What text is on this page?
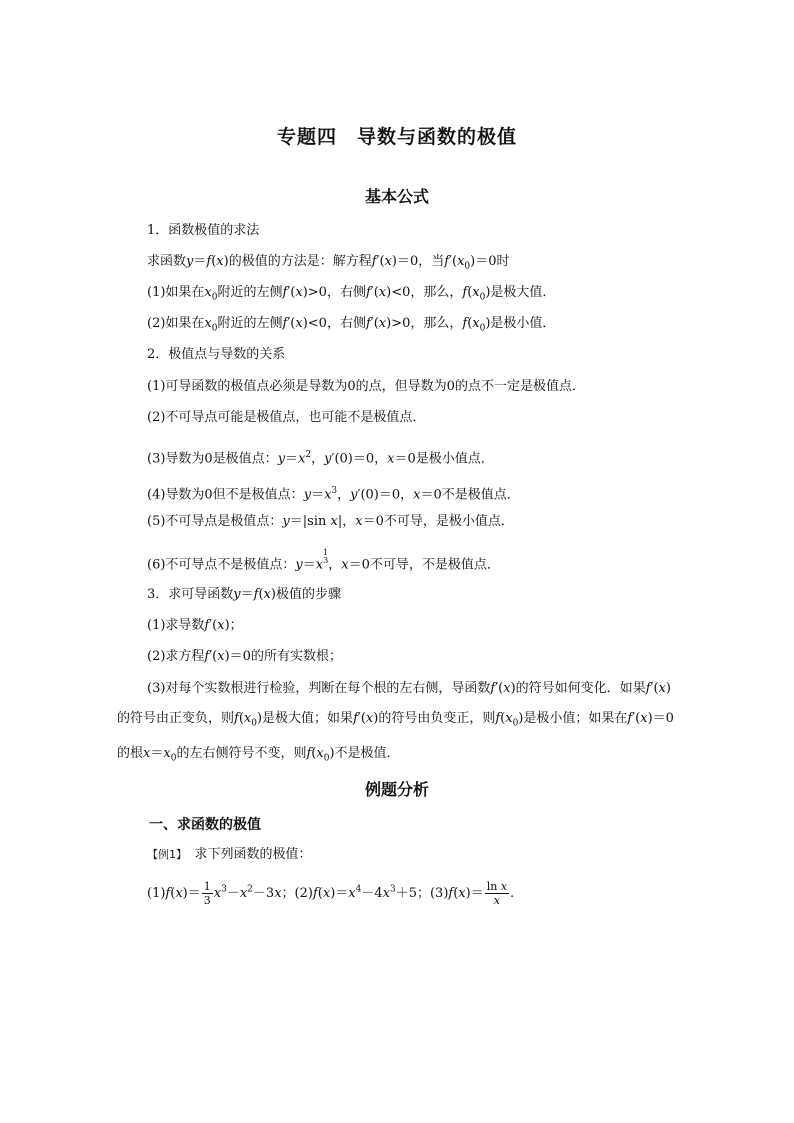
专题四　导数与函数的极值
基本公式
1．函数极值的求法
求函数y＝f(x)的极值的方法是：解方程f′(x)＝0，当$f'(x_0)=0$时
(1)如果在$x_0$附近的左侧f′(x)>0，右侧f′(x)<0，那么，$f(x_0)$是极大值．
(2)如果在$x_0$附近的左侧f′(x)<0，右侧f′(x)>0，那么，$f(x_0)$是极小值．
2．极值点与导数的关系
(1)可导函数的极值点必须是导数为0的点，但导数为0的点不一定是极值点．
(2)不可导点可能是极值点，也可能不是极值点．
(3)导数为0是极值点：$y=x^2$，y′(0)＝0，x＝0是极小值点．
(4)导数为0但不是极值点：$y=x^3$，y′(0)＝0，x＝0不是极值点．
(5)不可导点是极值点：y＝|sin x|，x＝0不可导，是极小值点．
(6)不可导点不是极值点：y＝x
1
3 ，x＝0不可导，不是极值点．
3．求可导函数y＝f(x)极值的步骤
(1)求导数f′(x)；
(2)求方程f′(x)＝0的所有实数根；
(3)对每个实数根进行检验，判断在每个根的左右侧，导函数f′(x)的符号如何变化．如果f′(x)的符号由正变负，则$f(x_0)$是极大值；如果f′(x)的符号由负变正，则$f(x_0)$是极小值；如果在f′(x)＝0的根$x=x_0$的左右侧符号不变，则$f(x_0)$不是极值．
例题分析
一、求函数的极值
【例1】　 求下列函数的极值：
$(1)f(x)= \frac{1}{3} x^3-x^2-3x$；$(2)f(x)=x^4-4x^3+5$；$(3)f(x)= \frac{\text{ln x}}{x}$ .
